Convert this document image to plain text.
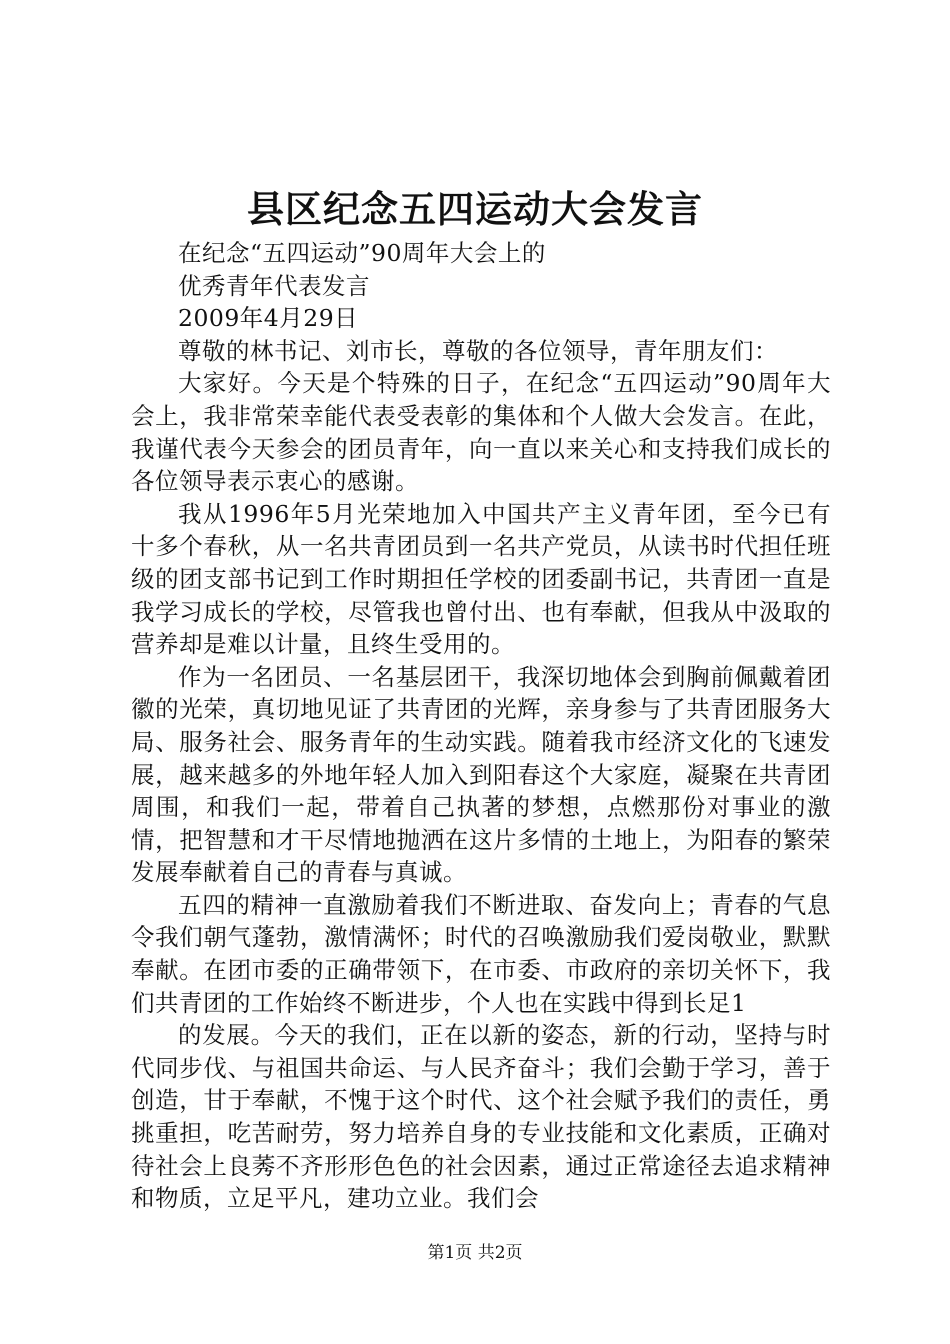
县区纪念五四运动大会发言

在纪念“五四运动”90周年大会上的

优秀青年代表发言

2009年4月29日

尊敬的林书记、刘市长，尊敬的各位领导，青年朋友们：

大家好。今天是个特殊的日子，在纪念“五四运动”90周年大会上，我非常荣幸能代表受表彰的集体和个人做大会发言。在此，我谨代表今天参会的团员青年，向一直以来关心和支持我们成长的各位领导表示衷心的感谢。

我从1996年5月光荣地加入中国共产主义青年团，至今已有十多个春秋，从一名共青团员到一名共产党员，从读书时代担任班级的团支部书记到工作时期担任学校的团委副书记，共青团一直是我学习成长的学校，尽管我也曾付出、也有奉献，但我从中汲取的营养却是难以计量，且终生受用的。

作为一名团员、一名基层团干，我深切地体会到胸前佩戴着团徽的光荣，真切地见证了共青团的光辉，亲身参与了共青团服务大局、服务社会、服务青年的生动实践。随着我市经济文化的飞速发展，越来越多的外地年轻人加入到阳春这个大家庭，凝聚在共青团周围，和我们一起，带着自己执著的梦想，点燃那份对事业的激情，把智慧和才干尽情地抛洒在这片多情的土地上，为阳春的繁荣发展奉献着自己的青春与真诚。

五四的精神一直激励着我们不断进取、奋发向上；青春的气息令我们朝气蓬勃，激情满怀；时代的召唤激励我们爱岗敬业，默默奉献。在团市委的正确带领下，在市委、市政府的亲切关怀下，我们共青团的工作始终不断进步，个人也在实践中得到长足1

的发展。今天的我们，正在以新的姿态，新的行动，坚持与时代同步伐、与祖国共命运、与人民齐奋斗；我们会勤于学习，善于创造，甘于奉献，不愧于这个时代、这个社会赋予我们的责任，勇挑重担，吃苦耐劳，努力培养自身的专业技能和文化素质，正确对待社会上良莠不齐形形色色的社会因素，通过正常途径去追求精神和物质，立足平凡，建功立业。我们会

第1页 共2页
